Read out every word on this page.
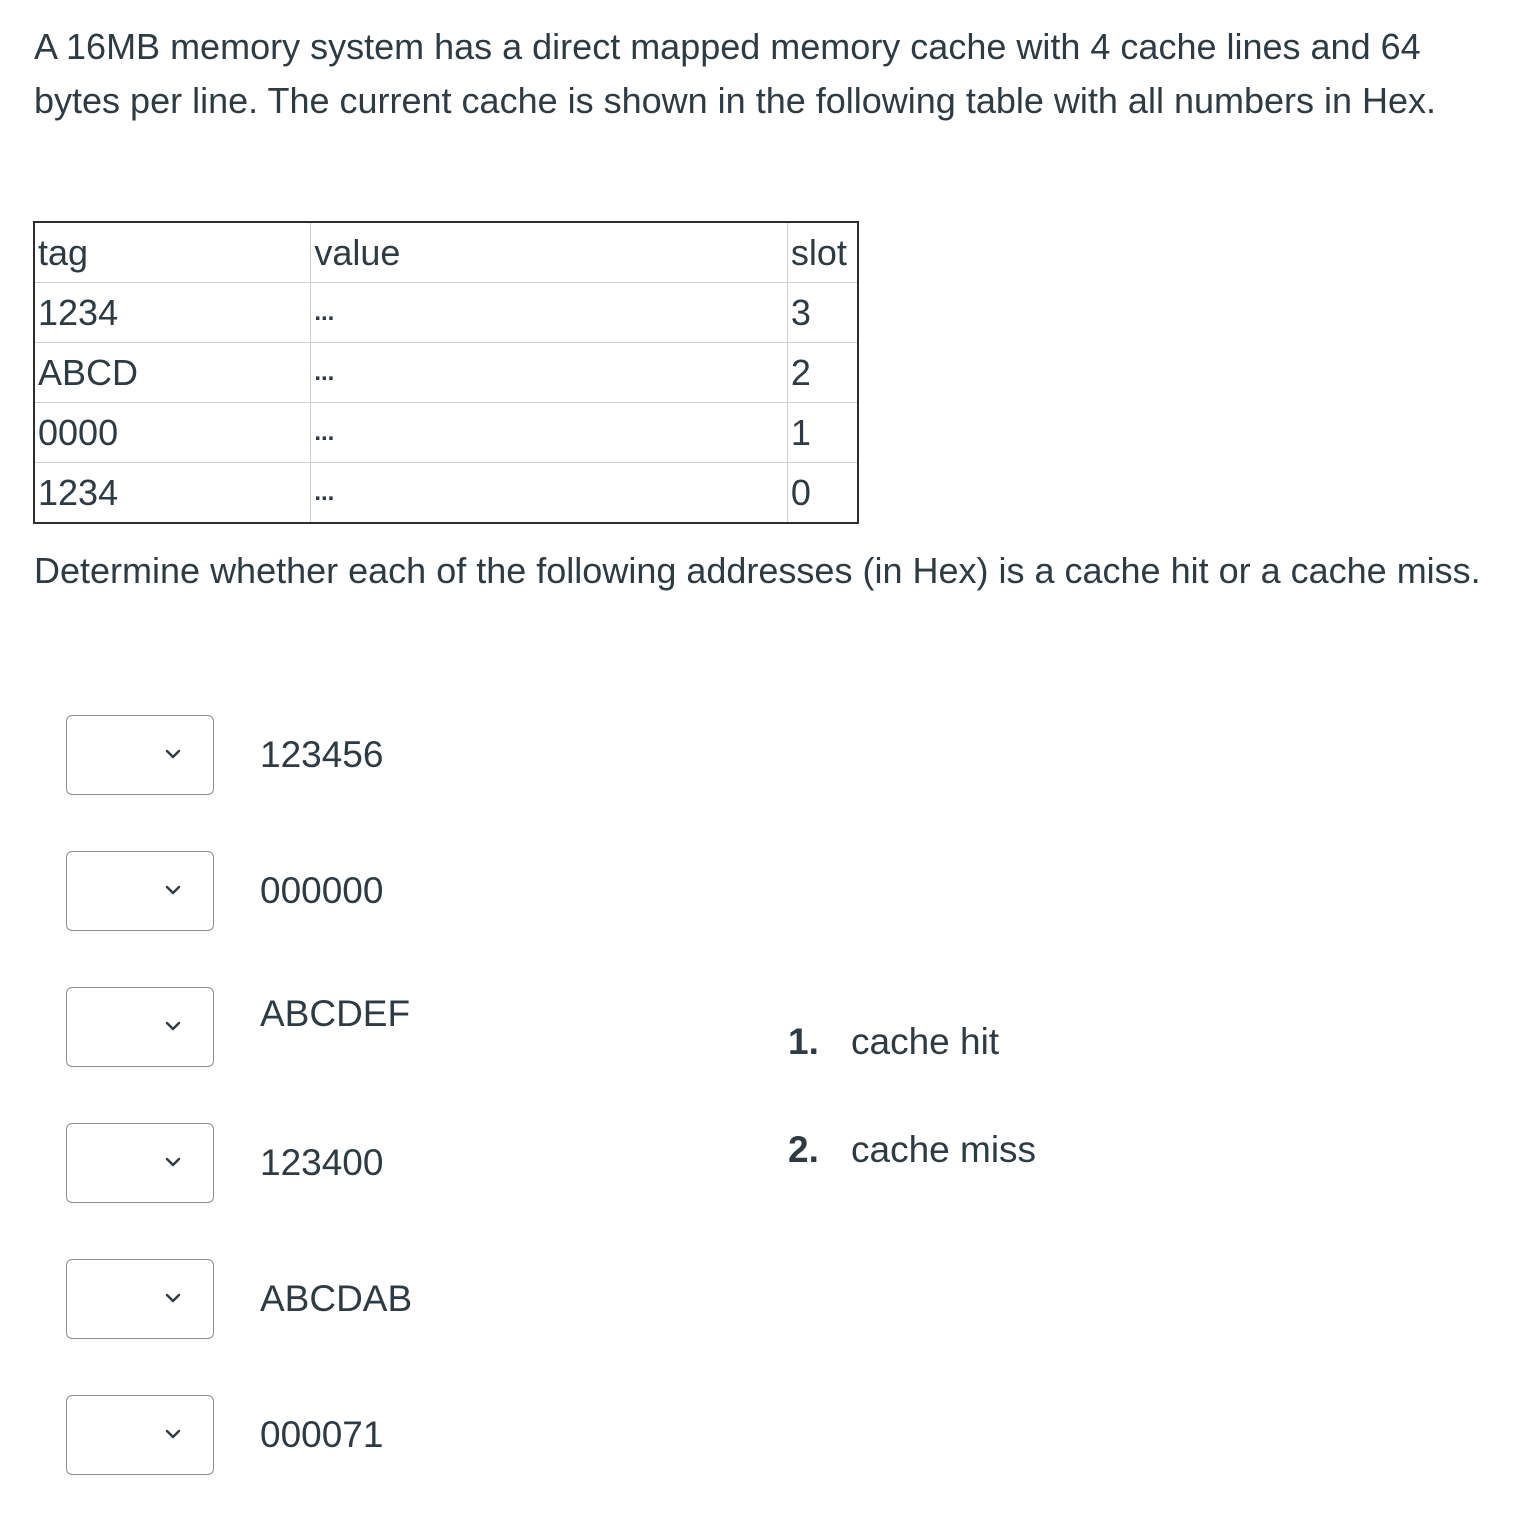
A 16MB memory system has a direct mapped memory cache with 4 cache lines and 64 bytes per line. The current cache is shown in the following table with all numbers in Hex.

tag	value	slot
1234	...	3
ABCD	...	2
0000	...	1
1234	...	0

Determine whether each of the following addresses (in Hex) is a cache hit or a cache miss.

123456
000000
ABCDEF
123400
ABCDAB
000071
1. cache hit
2. cache miss
